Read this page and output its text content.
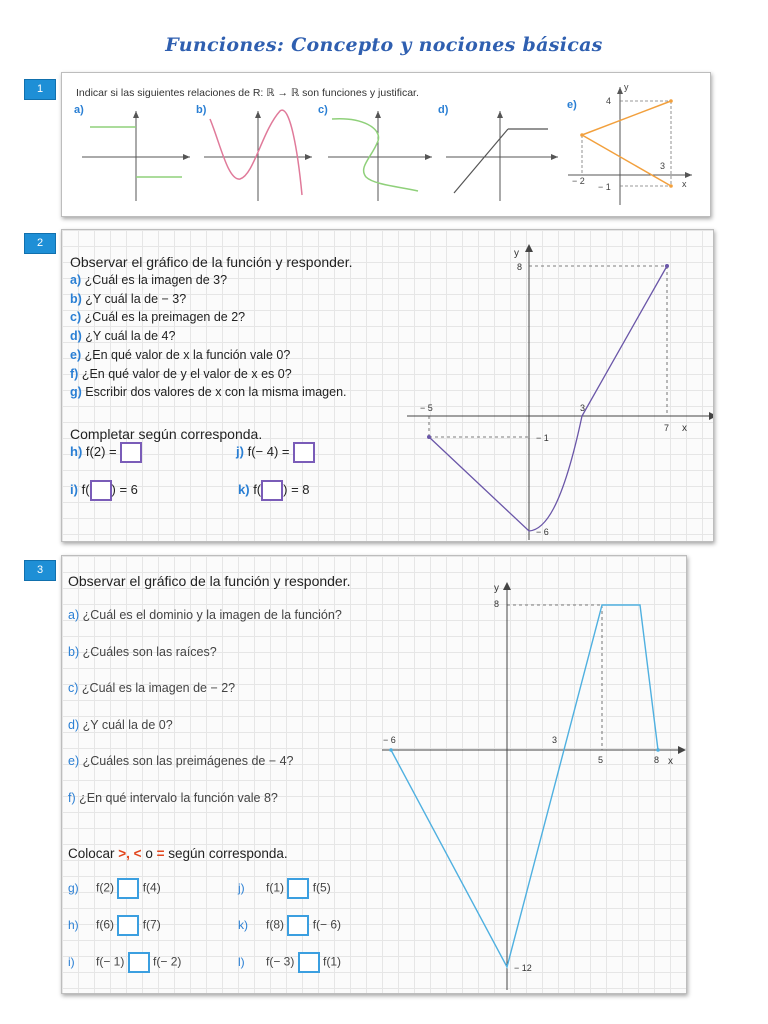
Funciones: Concepto y nociones básicas
1	Indicar si las siguientes relaciones de R: ℝ → ℝ son funciones y justificar.
a)	b)	c)	d)	e)
y
x
4
3
− 2
− 1
2
Observar el gráfico de la función y responder.
a) ¿Cuál es la imagen de 3?
b) ¿Y cuál la de − 3?
c) ¿Cuál es la preimagen de 2?
d) ¿Y cuál la de 4?
e) ¿En qué valor de x la función vale 0?
f) ¿En qué valor de y el valor de x es 0?
g) Escribir dos valores de x con la misma imagen.
Completar según corresponda.
h) f(2) =	j) f(− 4) =
i) f( ) = 6	k) f( ) = 8
y
x
8
− 5	3
7
− 1
− 6
3
Observar el gráfico de la función y responder.
a) ¿Cuál es el dominio y la imagen de la función?
b) ¿Cuáles son las raíces?
c) ¿Cuál es la imagen de − 2?
d) ¿Y cuál la de 0?
e) ¿Cuáles son las preimágenes de − 4?
f) ¿En qué intervalo la función vale 8?
Colocar >, < o = según corresponda.
g) f(2) f(4)	j) f(1) f(5)
h) f(6) f(7)	k) f(8) f(− 6)
i) f(− 1) f(− 2)	l) f(− 3) f(1)
y
x
8
− 6	3
5	8
− 12
